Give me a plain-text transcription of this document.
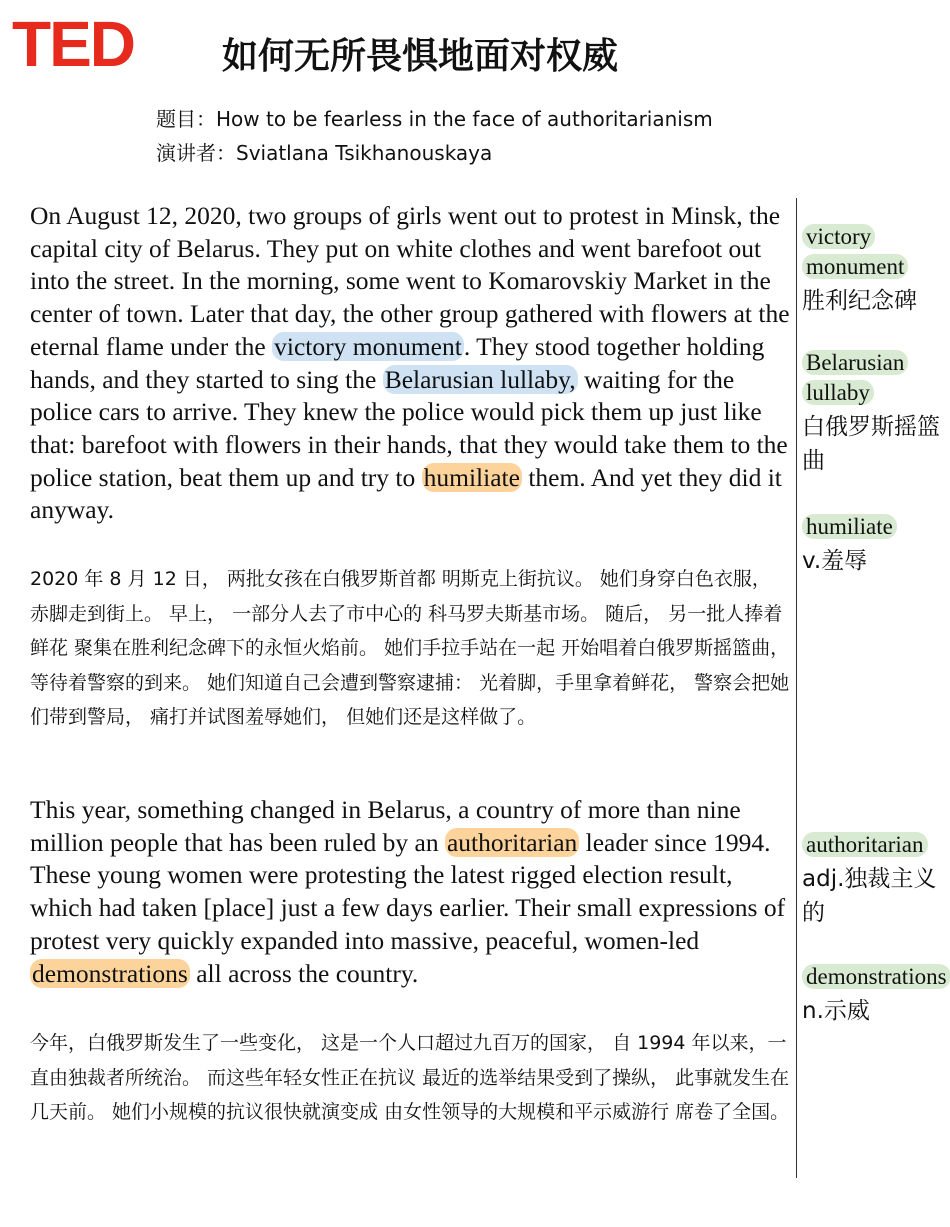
TED 如何无所畏惧地面对权威
题目：How to be fearless in the face of authoritarianism
演讲者：Sviatlana Tsikhanouskaya

On August 12, 2020, two groups of girls went out to protest in Minsk, the capital city of Belarus. They put on white clothes and went barefoot out into the street. In the morning, some went to Komarovskiy Market in the center of town. Later that day, the other group gathered with flowers at the eternal flame under the victory monument. They stood together holding hands, and they started to sing the Belarusian lullaby, waiting for the police cars to arrive. They knew the police would pick them up just like that: barefoot with flowers in their hands, that they would take them to the police station, beat them up and try to humiliate them. And yet they did it anyway.

2020 年 8 月 12 日， 两批女孩在白俄罗斯首都 明斯克上街抗议。 她们身穿白色衣服， 赤脚走到街上。 早上， 一部分人去了市中心的 科马罗夫斯基市场。 随后， 另一批人捧着鲜花 聚集在胜利纪念碑下的永恒火焰前。 她们手拉手站在一起 开始唱着白俄罗斯摇篮曲， 等待着警察的到来。 她们知道自己会遭到警察逮捕： 光着脚，手里拿着鲜花， 警察会把她们带到警局， 痛打并试图羞辱她们， 但她们还是这样做了。

This year, something changed in Belarus, a country of more than nine million people that has been ruled by an authoritarian leader since 1994. These young women were protesting the latest rigged election result, which had taken [place] just a few days earlier. Their small expressions of protest very quickly expanded into massive, peaceful, women-led demonstrations all across the country.

今年，白俄罗斯发生了一些变化， 这是一个人口超过九百万的国家， 自 1994 年以来，一直由独裁者所统治。 而这些年轻女性正在抗议 最近的选举结果受到了操纵， 此事就发生在几天前。 她们小规模的抗议很快就演变成 由女性领导的大规模和平示威游行 席卷了全国。

victory monument
胜利纪念碑
Belarusian lullaby
白俄罗斯摇篮曲
humiliate
v.羞辱
authoritarian
adj.独裁主义的
demonstrations
n.示威
